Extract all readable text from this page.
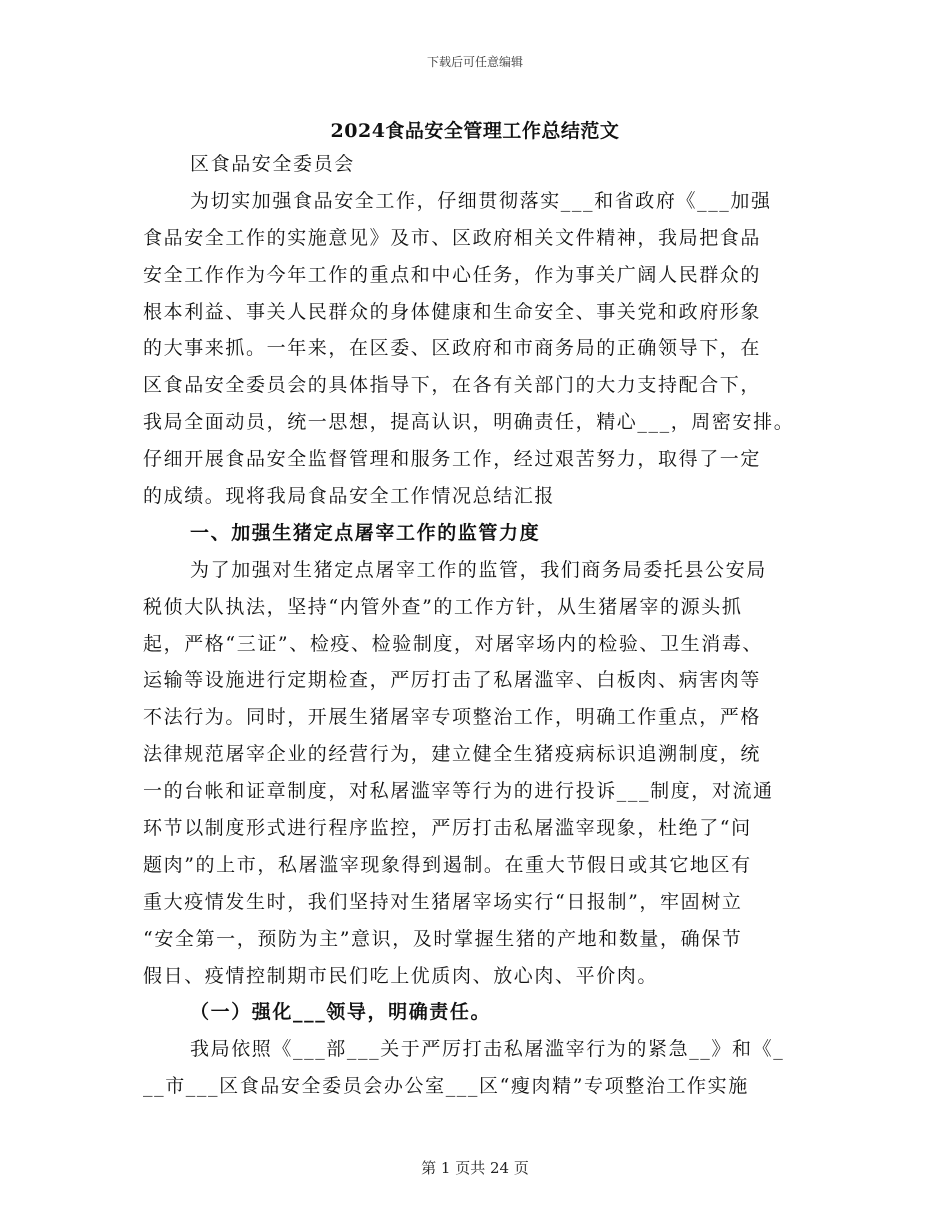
下载后可任意编辑
2024食品安全管理工作总结范文
区食品安全委员会
为切实加强食品安全工作，仔细贯彻落实___和省政府《___加强
食品安全工作的实施意见》及市、区政府相关文件精神，我局把食品
安全工作作为今年工作的重点和中心任务，作为事关广阔人民群众的
根本利益、事关人民群众的身体健康和生命安全、事关党和政府形象
的大事来抓。一年来，在区委、区政府和市商务局的正确领导下，在
区食品安全委员会的具体指导下，在各有关部门的大力支持配合下，
我局全面动员，统一思想，提高认识，明确责任，精心___，周密安排。
仔细开展食品安全监督管理和服务工作，经过艰苦努力，取得了一定
的成绩。现将我局食品安全工作情况总结汇报
一、加强生猪定点屠宰工作的监管力度
为了加强对生猪定点屠宰工作的监管，我们商务局委托县公安局
税侦大队执法，坚持“内管外查”的工作方针，从生猪屠宰的源头抓
起，严格“三证”、检疫、检验制度，对屠宰场内的检验、卫生消毒、
运输等设施进行定期检查，严厉打击了私屠滥宰、白板肉、病害肉等
不法行为。同时，开展生猪屠宰专项整治工作，明确工作重点，严格
法律规范屠宰企业的经营行为，建立健全生猪疫病标识追溯制度，统
一的台帐和证章制度，对私屠滥宰等行为的进行投诉___制度，对流通
环节以制度形式进行程序监控，严厉打击私屠滥宰现象，杜绝了“问
题肉”的上市，私屠滥宰现象得到遏制。在重大节假日或其它地区有
重大疫情发生时，我们坚持对生猪屠宰场实行“日报制”，牢固树立
“安全第一，预防为主”意识，及时掌握生猪的产地和数量，确保节
假日、疫情控制期市民们吃上优质肉、放心肉、平价肉。
（一）强化___领导，明确责任。
我局依照《___部___关于严厉打击私屠滥宰行为的紧急__》和《_
__市___区食品安全委员会办公室___区“瘦肉精”专项整治工作实施
第 1 页共 24 页
